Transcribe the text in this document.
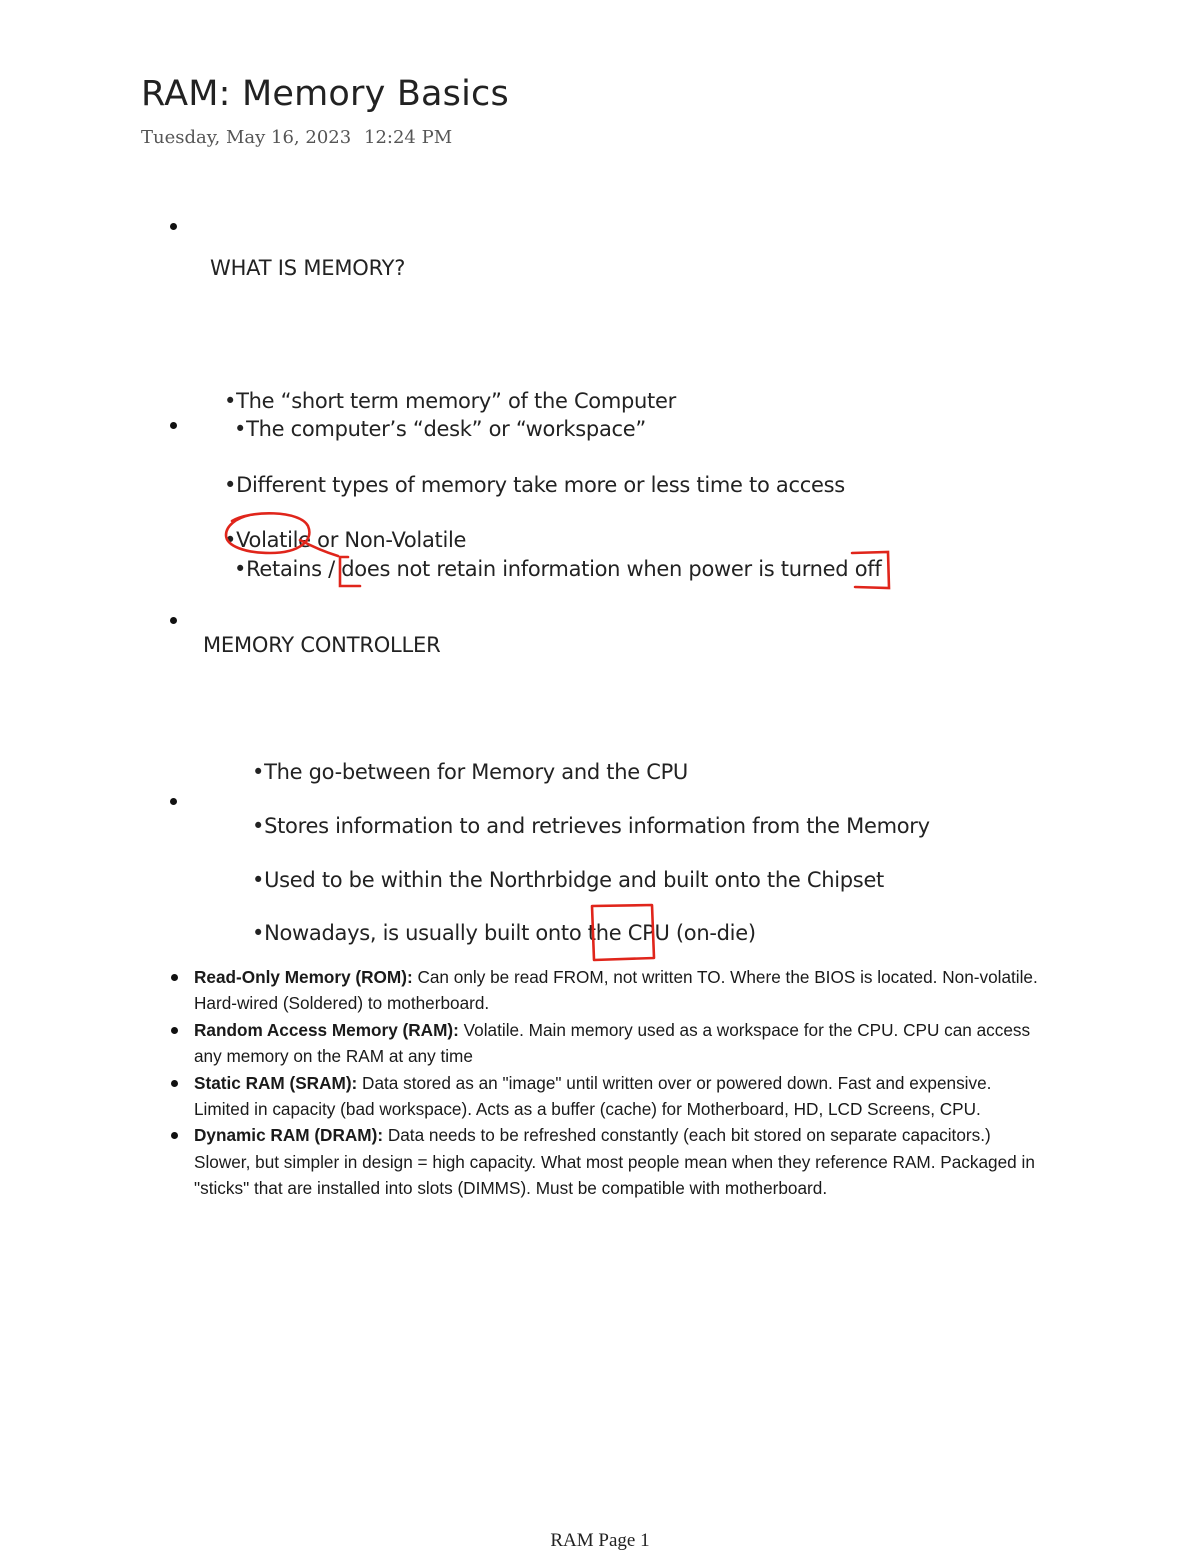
RAM: Memory Basics
Tuesday, May 16, 2023 12:24 PM
WHAT IS MEMORY?
•The “short term memory” of the Computer
•The computer’s “desk” or “workspace”
•Different types of memory take more or less time to access
•Volatile or Non-Volatile
•Retains / does not retain information when power is turned off
MEMORY CONTROLLER
•The go-between for Memory and the CPU
•Stores information to and retrieves information from the Memory
•Used to be within the Northrbidge and built onto the Chipset
•Nowadays, is usually built onto the CPU (on-die)
Read-Only Memory (ROM): Can only be read FROM, not written TO. Where the BIOS is located. Non-volatile. Hard-wired (Soldered) to motherboard.
Random Access Memory (RAM): Volatile. Main memory used as a workspace for the CPU. CPU can access any memory on the RAM at any time
Static RAM (SRAM): Data stored as an "image" until written over or powered down. Fast and expensive. Limited in capacity (bad workspace). Acts as a buffer (cache) for Motherboard, HD, LCD Screens, CPU.
Dynamic RAM (DRAM): Data needs to be refreshed constantly (each bit stored on separate capacitors.) Slower, but simpler in design = high capacity. What most people mean when they reference RAM. Packaged in "sticks" that are installed into slots (DIMMS). Must be compatible with motherboard.
RAM Page 1
